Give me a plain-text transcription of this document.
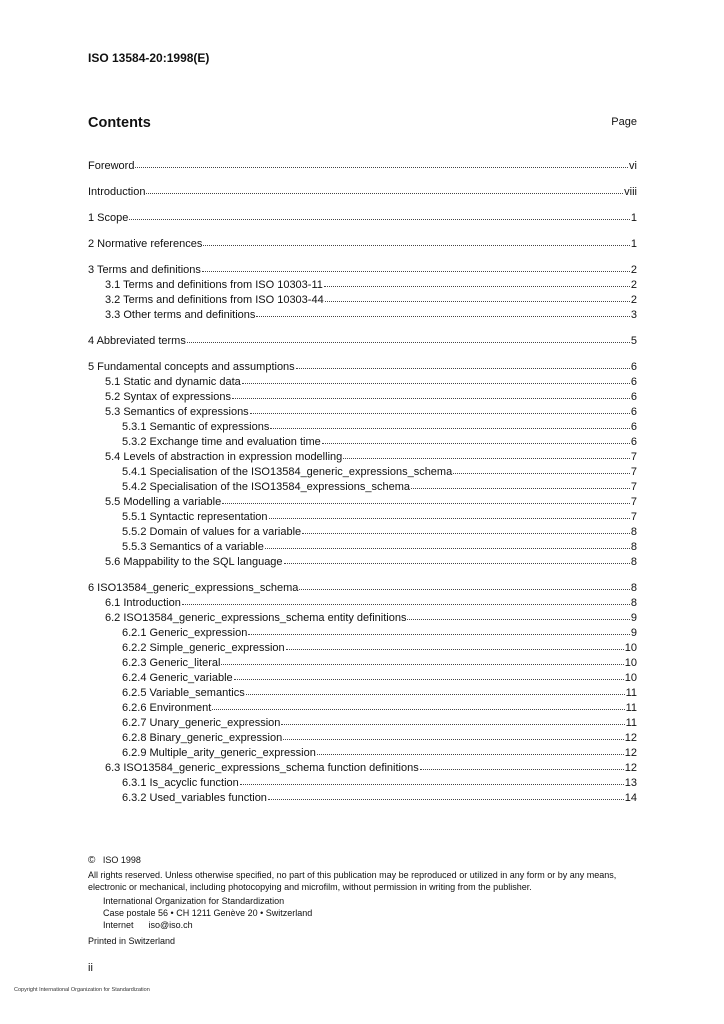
ISO 13584-20:1998(E)
Contents	Page
Foreword	vi
Introduction	viii
1 Scope	1
2 Normative references	1
3 Terms and definitions	2
3.1 Terms and definitions from ISO 10303-11	2
3.2 Terms and definitions from ISO 10303-44	2
3.3 Other terms and definitions	3
4 Abbreviated terms	5
5 Fundamental concepts and assumptions	6
5.1 Static and dynamic data	6
5.2 Syntax of expressions	6
5.3 Semantics of expressions	6
5.3.1 Semantic of expressions	6
5.3.2 Exchange time and evaluation time	6
5.4 Levels of abstraction in expression modelling	7
5.4.1 Specialisation of the ISO13584_generic_expressions_schema	7
5.4.2 Specialisation of the ISO13584_expressions_schema	7
5.5 Modelling a variable	7
5.5.1 Syntactic representation	7
5.5.2 Domain of values for a variable	8
5.5.3 Semantics of a variable	8
5.6 Mappability to the SQL language	8
6 ISO13584_generic_expressions_schema	8
6.1 Introduction	8
6.2 ISO13584_generic_expressions_schema entity definitions	9
6.2.1 Generic_expression	9
6.2.2 Simple_generic_expression	10
6.2.3 Generic_literal	10
6.2.4 Generic_variable	10
6.2.5 Variable_semantics	11
6.2.6 Environment	11
6.2.7 Unary_generic_expression	11
6.2.8 Binary_generic_expression	12
6.2.9 Multiple_arity_generic_expression	12
6.3 ISO13584_generic_expressions_schema function definitions	12
6.3.1 Is_acyclic function	13
6.3.2 Used_variables function	14
© ISO 1998
All rights reserved. Unless otherwise specified, no part of this publication may be reproduced or utilized in any form or by any means, electronic or mechanical, including photocopying and microfilm, without permission in writing from the publisher.
International Organization for Standardization
Case postale 56 • CH 1211 Genève 20 • Switzerland
Internet      iso@iso.ch
Printed in Switzerland
ii
Copyright International Organization for Standardization
